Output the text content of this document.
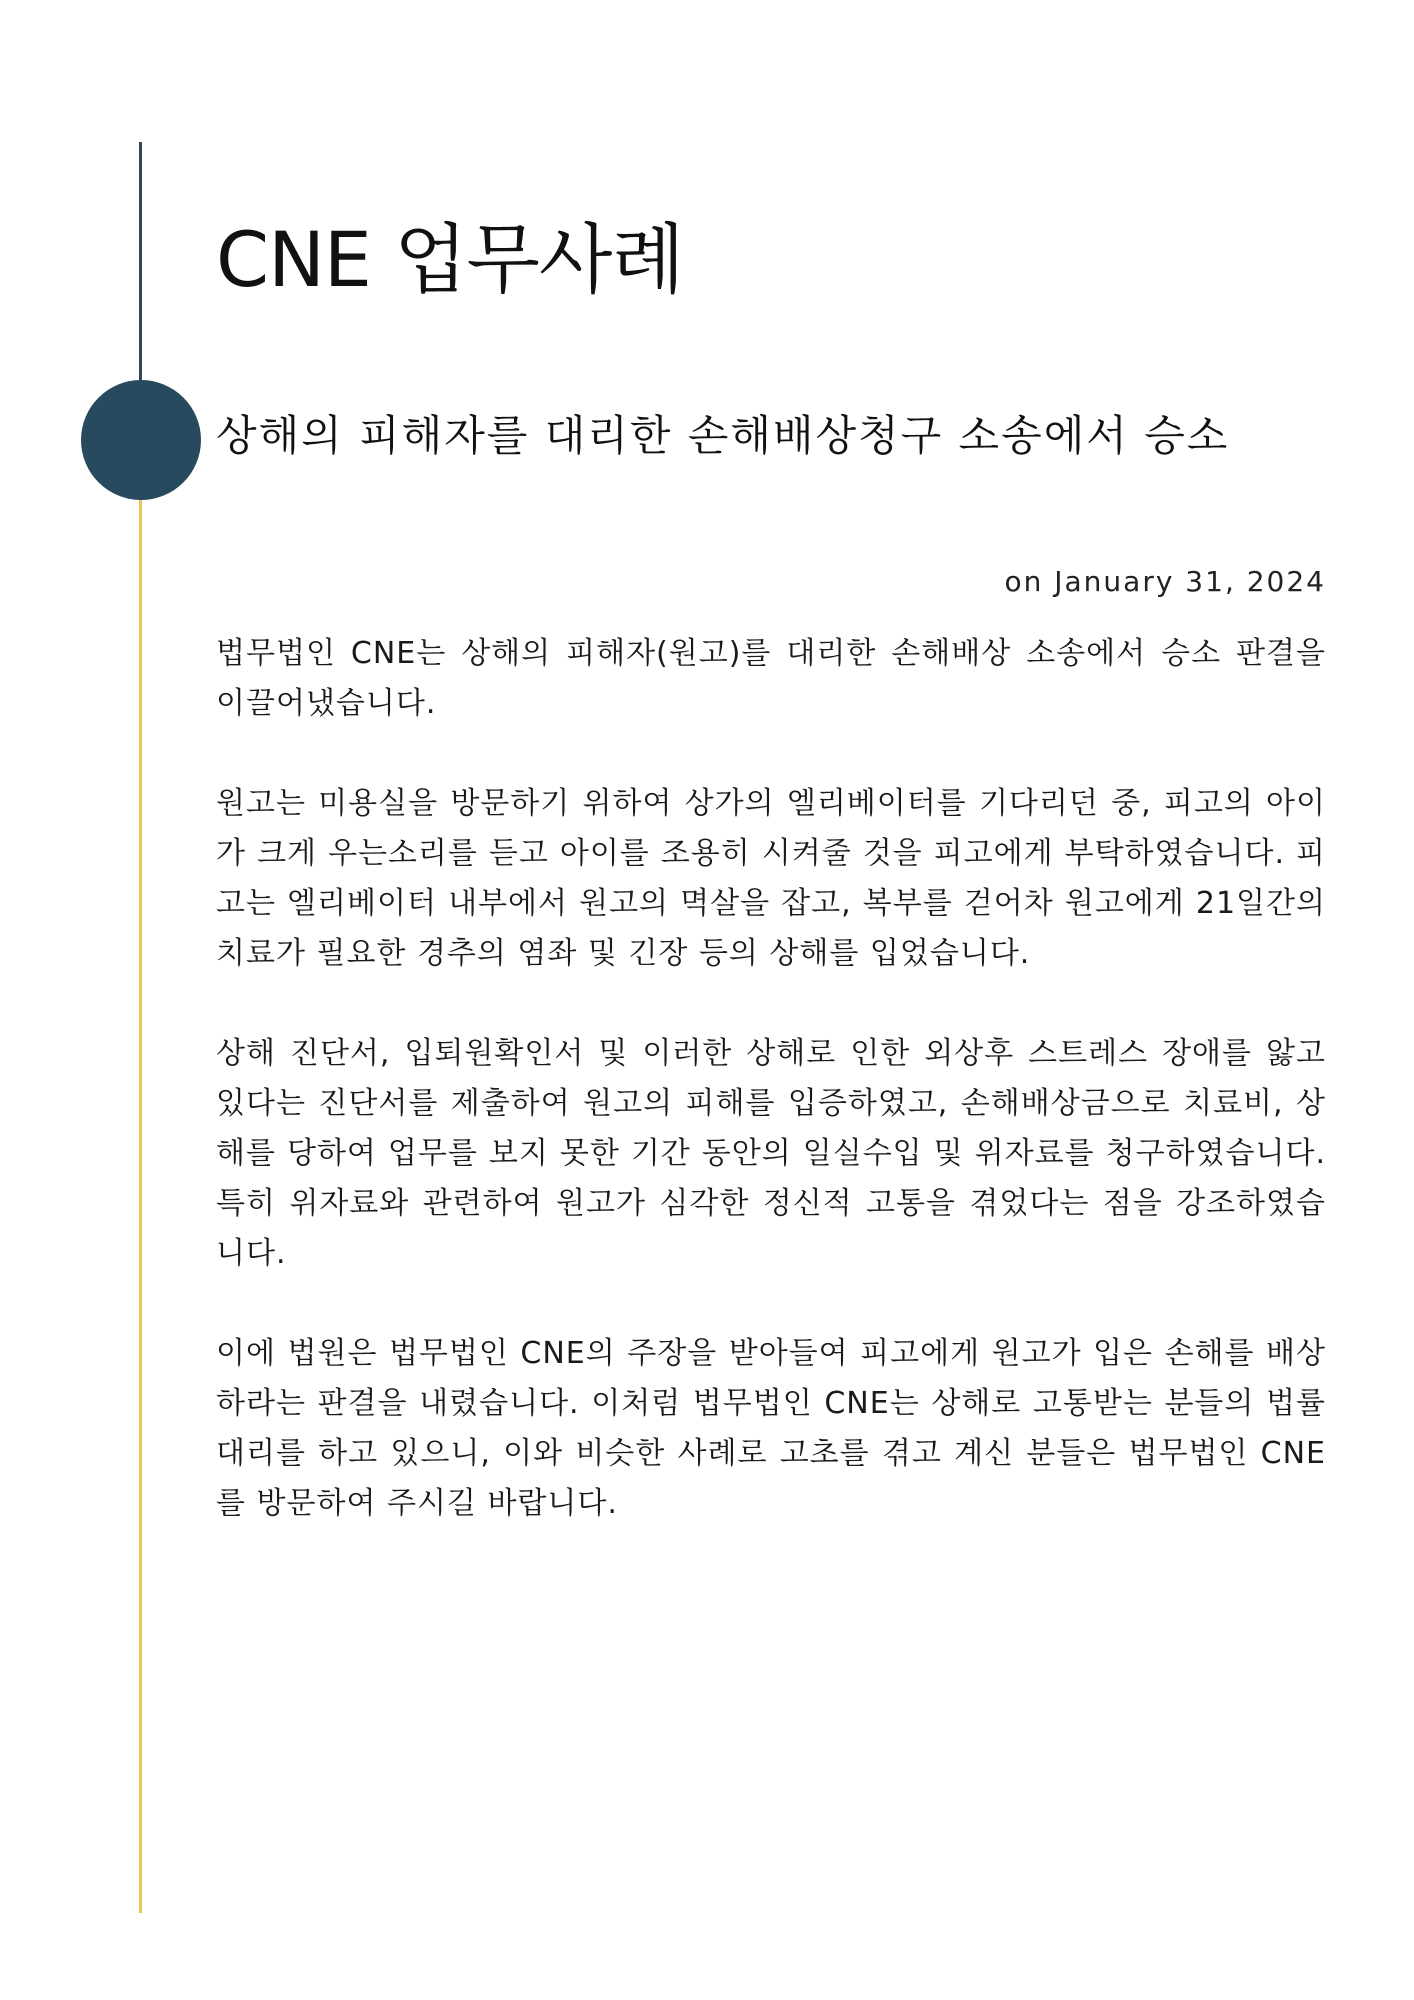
CNE 업무사례
상해의 피해자를 대리한 손해배상청구 소송에서 승소
on January 31, 2024

법무법인 CNE는 상해의 피해자(원고)를 대리한 손해배상 소송에서 승소 판결을 이끌어냈습니다.

원고는 미용실을 방문하기 위하여 상가의 엘리베이터를 기다리던 중, 피고의 아이가 크게 우는소리를 듣고 아이를 조용히 시켜줄 것을 피고에게 부탁하였습니다. 피고는 엘리베이터 내부에서 원고의 멱살을 잡고, 복부를 걷어차 원고에게 21일간의 치료가 필요한 경추의 염좌 및 긴장 등의 상해를 입었습니다.

상해 진단서, 입퇴원확인서 및 이러한 상해로 인한 외상후 스트레스 장애를 앓고 있다는 진단서를 제출하여 원고의 피해를 입증하였고, 손해배상금으로 치료비, 상해를 당하여 업무를 보지 못한 기간 동안의 일실수입 및 위자료를 청구하였습니다. 특히 위자료와 관련하여 원고가 심각한 정신적 고통을 겪었다는 점을 강조하였습니다.

이에 법원은 법무법인 CNE의 주장을 받아들여 피고에게 원고가 입은 손해를 배상하라는 판결을 내렸습니다. 이처럼 법무법인 CNE는 상해로 고통받는 분들의 법률대리를 하고 있으니, 이와 비슷한 사례로 고초를 겪고 계신 분들은 법무법인 CNE를 방문하여 주시길 바랍니다.
